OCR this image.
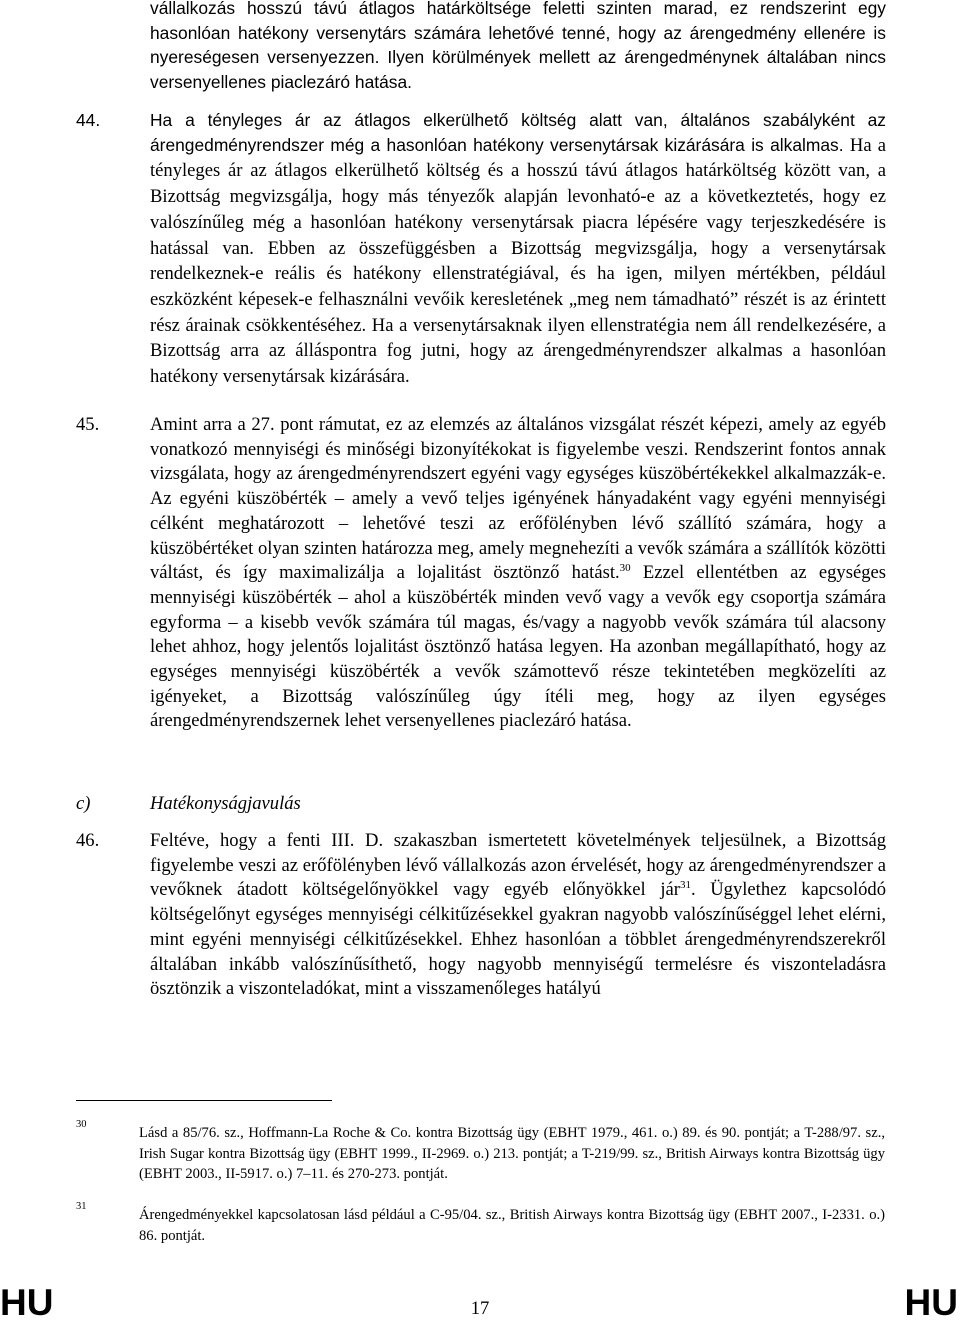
vállalkozás hosszú távú átlagos határköltsége feletti szinten marad, ez rendszerint egy hasonlóan hatékony versenytárs számára lehetővé tenné, hogy az árengedmény ellenére is nyereségesen versenyezzen. Ilyen körülmények mellett az árengedménynek általában nincs versenyellenes piaclezáró hatása.
44.	Ha a tényleges ár az átlagos elkerülhető költség alatt van, általános szabályként az árengedményrendszer még a hasonlóan hatékony versenytársak kizárására is alkalmas. Ha a tényleges ár az átlagos elkerülhető költség és a hosszú távú átlagos határköltség között van, a Bizottság megvizsgálja, hogy más tényezők alapján levonható-e az a következtetés, hogy ez valószínűleg még a hasonlóan hatékony versenytársak piacra lépésére vagy terjeszkedésére is hatással van. Ebben az összefüggésben a Bizottság megvizsgálja, hogy a versenytársak rendelkeznek-e reális és hatékony ellenstratégiával, és ha igen, milyen mértékben, például eszközként képesek-e felhasználni vevőik keresletének „meg nem támadható” részét is az érintett rész árainak csökkentéséhez. Ha a versenytársaknak ilyen ellenstratégia nem áll rendelkezésére, a Bizottság arra az álláspontra fog jutni, hogy az árengedményrendszer alkalmas a hasonlóan hatékony versenytársak kizárására.
45.	Amint arra a 27. pont rámutat, ez az elemzés az általános vizsgálat részét képezi, amely az egyéb vonatkozó mennyiségi és minőségi bizonyítékokat is figyelembe veszi. Rendszerint fontos annak vizsgálata, hogy az árengedményrendszert egyéni vagy egységes küszöbértékekkel alkalmazzák-e. Az egyéni küszöbérték – amely a vevő teljes igényének hányadaként vagy egyéni mennyiségi célként meghatározott – lehetővé teszi az erőfölényben lévő szállító számára, hogy a küszöbértéket olyan szinten határozza meg, amely megnehezíti a vevők számára a szállítók közötti váltást, és így maximalizálja a lojalitást ösztönző hatást.$^{30}$ Ezzel ellentétben az egységes mennyiségi küszöbérték – ahol a küszöbérték minden vevő vagy a vevők egy csoportja számára egyforma – a kisebb vevők számára túl magas, és/vagy a nagyobb vevők számára túl alacsony lehet ahhoz, hogy jelentős lojalitást ösztönző hatása legyen. Ha azonban megállapítható, hogy az egységes mennyiségi küszöbérték a vevők számottevő része tekintetében megközelíti az igényeket, a Bizottság valószínűleg úgy ítéli meg, hogy az ilyen egységes árengedményrendszernek lehet versenyellenes piaclezáró hatása.
c)	Hatékonyságjavulás
46.	Feltéve, hogy a fenti III. D. szakaszban ismertetett követelmények teljesülnek, a Bizottság figyelembe veszi az erőfölényben lévő vállalkozás azon érvelését, hogy az árengedményrendszer a vevőknek átadott költségelőnyökkel vagy egyéb előnyökkel jár$^{31}$. Ügylethez kapcsolódó költségelőnyt egységes mennyiségi célkitűzésekkel gyakran nagyobb valószínűséggel lehet elérni, mint egyéni mennyiségi célkitűzésekkel. Ehhez hasonlóan a többlet árengedményrendszerekről általában inkább valószínűsíthető, hogy nagyobb mennyiségű termelésre és viszonteladásra ösztönzik a viszonteladókat, mint a visszamenőleges hatályú
30
Lásd a 85/76. sz., Hoffmann-La Roche & Co. kontra Bizottság ügy (EBHT 1979., 461. o.) 89. és 90. pontját; a T-288/97. sz., Irish Sugar kontra Bizottság ügy (EBHT 1999., II-2969. o.) 213. pontját; a T-219/99. sz., British Airways kontra Bizottság ügy (EBHT 2003., II-5917. o.) 7–11. és 270-273. pontját.
31
Árengedményekkel kapcsolatosan lásd például a C-95/04. sz., British Airways kontra Bizottság ügy (EBHT 2007., I-2331. o.) 86. pontját.
HU	17	HU
